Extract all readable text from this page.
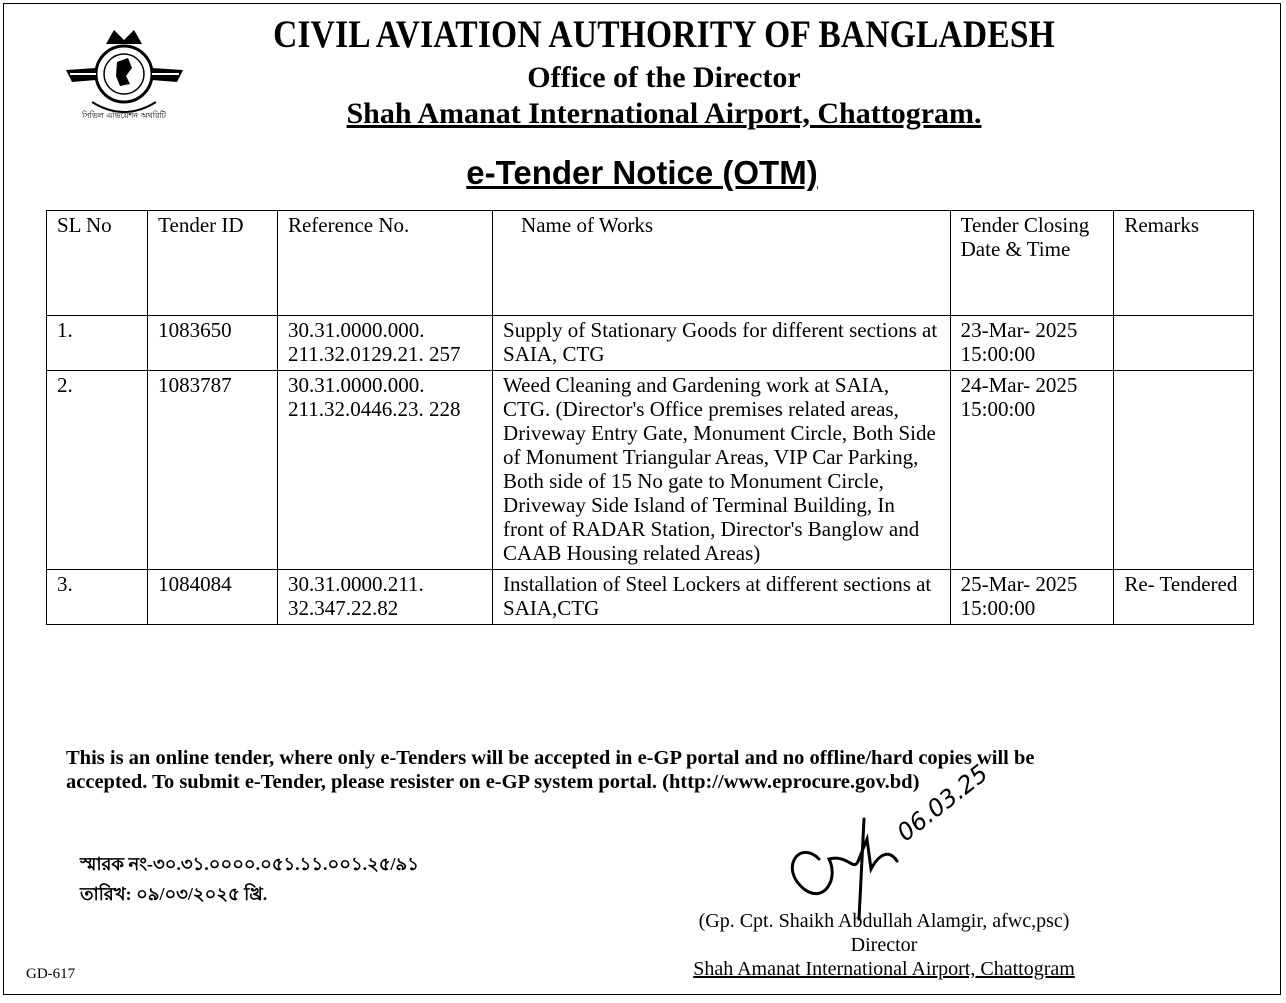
সিভিল এভিয়েশন অথরিটি
CIVIL AVIATION AUTHORITY OF BANGLADESH
Office of the Director
Shah Amanat International Airport, Chattogram.
e-Tender Notice (OTM)
SL No	Tender ID	Reference No.	Name of Works	Tender Closing Date & Time	Remarks
1.	1083650	30.31.0000.000. 211.32.0129.21. 257	Supply of Stationary Goods for different sections at SAIA, CTG	23-Mar- 2025 15:00:00	
2.	1083787	30.31.0000.000. 211.32.0446.23. 228	Weed Cleaning and Gardening work at SAIA, CTG. (Director's Office premises related areas, Driveway Entry Gate, Monument Circle, Both Side of Monument Triangular Areas, VIP Car Parking, Both side of 15 No gate to Monument Circle, Driveway Side Island of Terminal Building, In front of RADAR Station, Director's Banglow and CAAB Housing related Areas)	24-Mar- 2025 15:00:00	
3.	1084084	30.31.0000.211. 32.347.22.82	Installation of Steel Lockers at different sections at SAIA,CTG	25-Mar- 2025 15:00:00	Re- Tendered
This is an online tender, where only e-Tenders will be accepted in e-GP portal and no offline/hard copies will be accepted. To submit e-Tender, please resister on e-GP system portal. (http://www.eprocure.gov.bd)
স্মারক নং-৩০.৩১.০০০০.০৫১.১১.০০১.২৫/৯১
তারিখ: ০৯/০৩/২০২৫ খ্রি.
06.03.25
(Gp. Cpt. Shaikh Abdullah Alamgir, afwc,psc)
Director
Shah Amanat International Airport, Chattogram
GD-617
